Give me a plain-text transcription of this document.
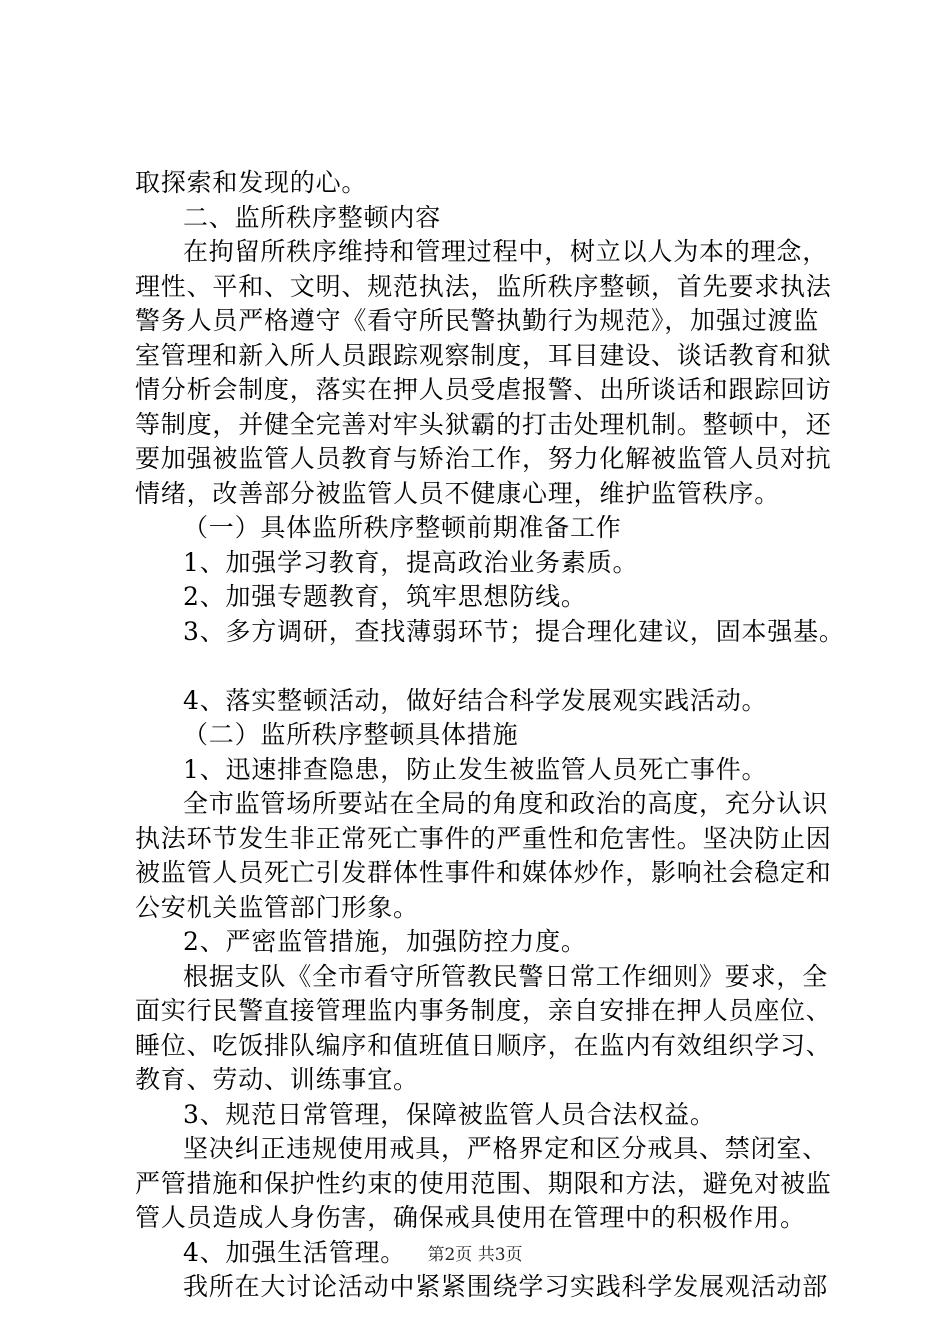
取探索和发现的心。
二、监所秩序整顿内容
在拘留所秩序维持和管理过程中，树立以人为本的理念，
理性、平和、文明、规范执法，监所秩序整顿，首先要求执法
警务人员严格遵守《看守所民警执勤行为规范》，加强过渡监
室管理和新入所人员跟踪观察制度，耳目建设、谈话教育和狱
情分析会制度，落实在押人员受虐报警、出所谈话和跟踪回访
等制度，并健全完善对牢头狱霸的打击处理机制。整顿中，还
要加强被监管人员教育与矫治工作，努力化解被监管人员对抗
情绪，改善部分被监管人员不健康心理，维护监管秩序。
（一）具体监所秩序整顿前期准备工作
1、加强学习教育，提高政治业务素质。
2、加强专题教育，筑牢思想防线。
3、多方调研，查找薄弱环节；提合理化建议，固本强基。
4、落实整顿活动，做好结合科学发展观实践活动。
（二）监所秩序整顿具体措施
1、迅速排查隐患，防止发生被监管人员死亡事件。
全市监管场所要站在全局的角度和政治的高度，充分认识
执法环节发生非正常死亡事件的严重性和危害性。坚决防止因
被监管人员死亡引发群体性事件和媒体炒作，影响社会稳定和
公安机关监管部门形象。
2、严密监管措施，加强防控力度。
根据支队《全市看守所管教民警日常工作细则》要求，全
面实行民警直接管理监内事务制度，亲自安排在押人员座位、
睡位、吃饭排队编序和值班值日顺序，在监内有效组织学习、
教育、劳动、训练事宜。
3、规范日常管理，保障被监管人员合法权益。
坚决纠正违规使用戒具，严格界定和区分戒具、禁闭室、
严管措施和保护性约束的使用范围、期限和方法，避免对被监
管人员造成人身伤害，确保戒具使用在管理中的积极作用。
4、加强生活管理。
我所在大讨论活动中紧紧围绕学习实践科学发展观活动部
第2页 共3页
